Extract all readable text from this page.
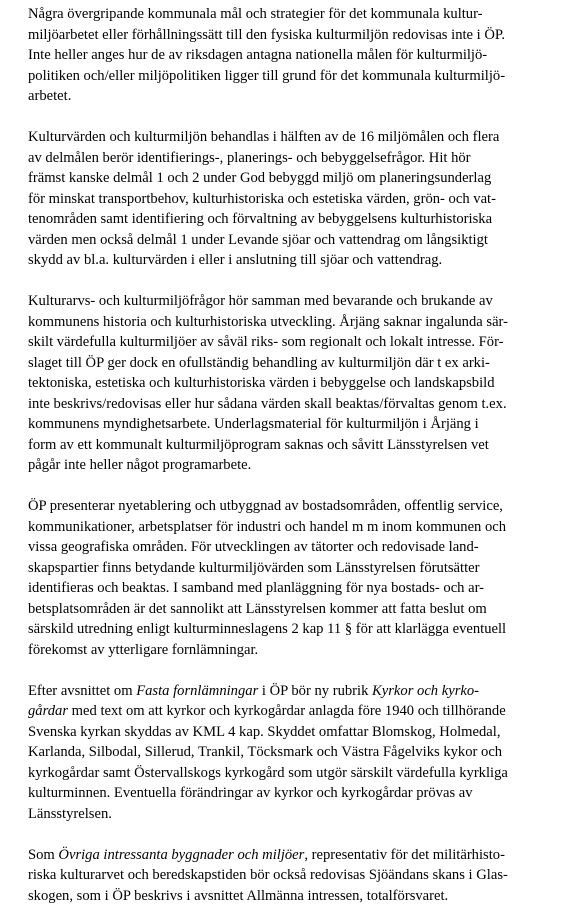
Några övergripande kommunala mål och strategier för det kommunala kultur-
miljöarbetet eller förhållningssätt till den fysiska kulturmiljön redovisas inte i ÖP.
Inte heller anges hur de av riksdagen antagna nationella målen för kulturmiljö-
politiken och/eller miljöpolitiken ligger till grund för det kommunala kulturmiljö-
arbetet.
Kulturvärden och kulturmiljön behandlas i hälften av de 16 miljömålen och flera
av delmålen berör identifierings-, planerings- och bebyggelsefrågor. Hit hör
främst kanske delmål 1 och 2 under God bebyggd miljö om planeringsunderlag
för minskat transportbehov, kulturhistoriska och estetiska värden, grön- och vat-
tenområden samt identifiering och förvaltning av bebyggelsens kulturhistoriska
värden men också delmål 1 under Levande sjöar och vattendrag om långsiktigt
skydd av bl.a. kulturvärden i eller i anslutning till sjöar och vattendrag.
Kulturarvs- och kulturmiljöfrågor hör samman med bevarande och brukande av
kommunens historia och kulturhistoriska utveckling. Årjäng saknar ingalunda sär-
skilt värdefulla kulturmiljöer av såväl riks- som regionalt och lokalt intresse. För-
slaget till ÖP ger dock en ofullständig behandling av kulturmiljön där t ex arki-
tektoniska, estetiska och kulturhistoriska värden i bebyggelse och landskapsbild
inte beskrivs/redovisas eller hur sådana värden skall beaktas/förvaltas genom t.ex.
kommunens myndighetsarbete. Underlagsmaterial för kulturmiljön i Årjäng i
form av ett kommunalt kulturmiljöprogram saknas och såvitt Länsstyrelsen vet
pågår inte heller något programarbete.
ÖP presenterar nyetablering och utbyggnad av bostadsområden, offentlig service,
kommunikationer, arbetsplatser för industri och handel m m inom kommunen och
vissa geografiska områden. För utvecklingen av tätorter och redovisade land-
skapspartier finns betydande kulturmiljövärden som Länsstyrelsen förutsätter
identifieras och beaktas. I samband med planläggning för nya bostads- och ar-
betsplatsområden är det sannolikt att Länsstyrelsen kommer att fatta beslut om
särskild utredning enligt kulturminneslagens 2 kap 11 § för att klarlägga eventuell
förekomst av ytterligare fornlämningar.
Efter avsnittet om Fasta fornlämningar i ÖP bör ny rubrik Kyrkor och kyrko-
gårdar med text om att kyrkor och kyrkogårdar anlagda före 1940 och tillhörande
Svenska kyrkan skyddas av KML 4 kap. Skyddet omfattar Blomskog, Holmedal,
Karlanda, Silbodal, Sillerud, Trankil, Töcksmark och Västra Fågelviks kykor och
kyrkogårdar samt Östervallskogs kyrkogård som utgör särskilt värdefulla kyrkliga
kulturminnen. Eventuella förändringar av kyrkor och kyrkogårdar prövas av
Länsstyrelsen.
Som Övriga intressanta byggnader och miljöer, representativ för det militärhisto-
riska kulturarvet och beredskapstiden bör också redovisas Sjöändans skans i Glas-
skogen, som i ÖP beskrivs i avsnittet Allmänna intressen, totalförsvaret.
